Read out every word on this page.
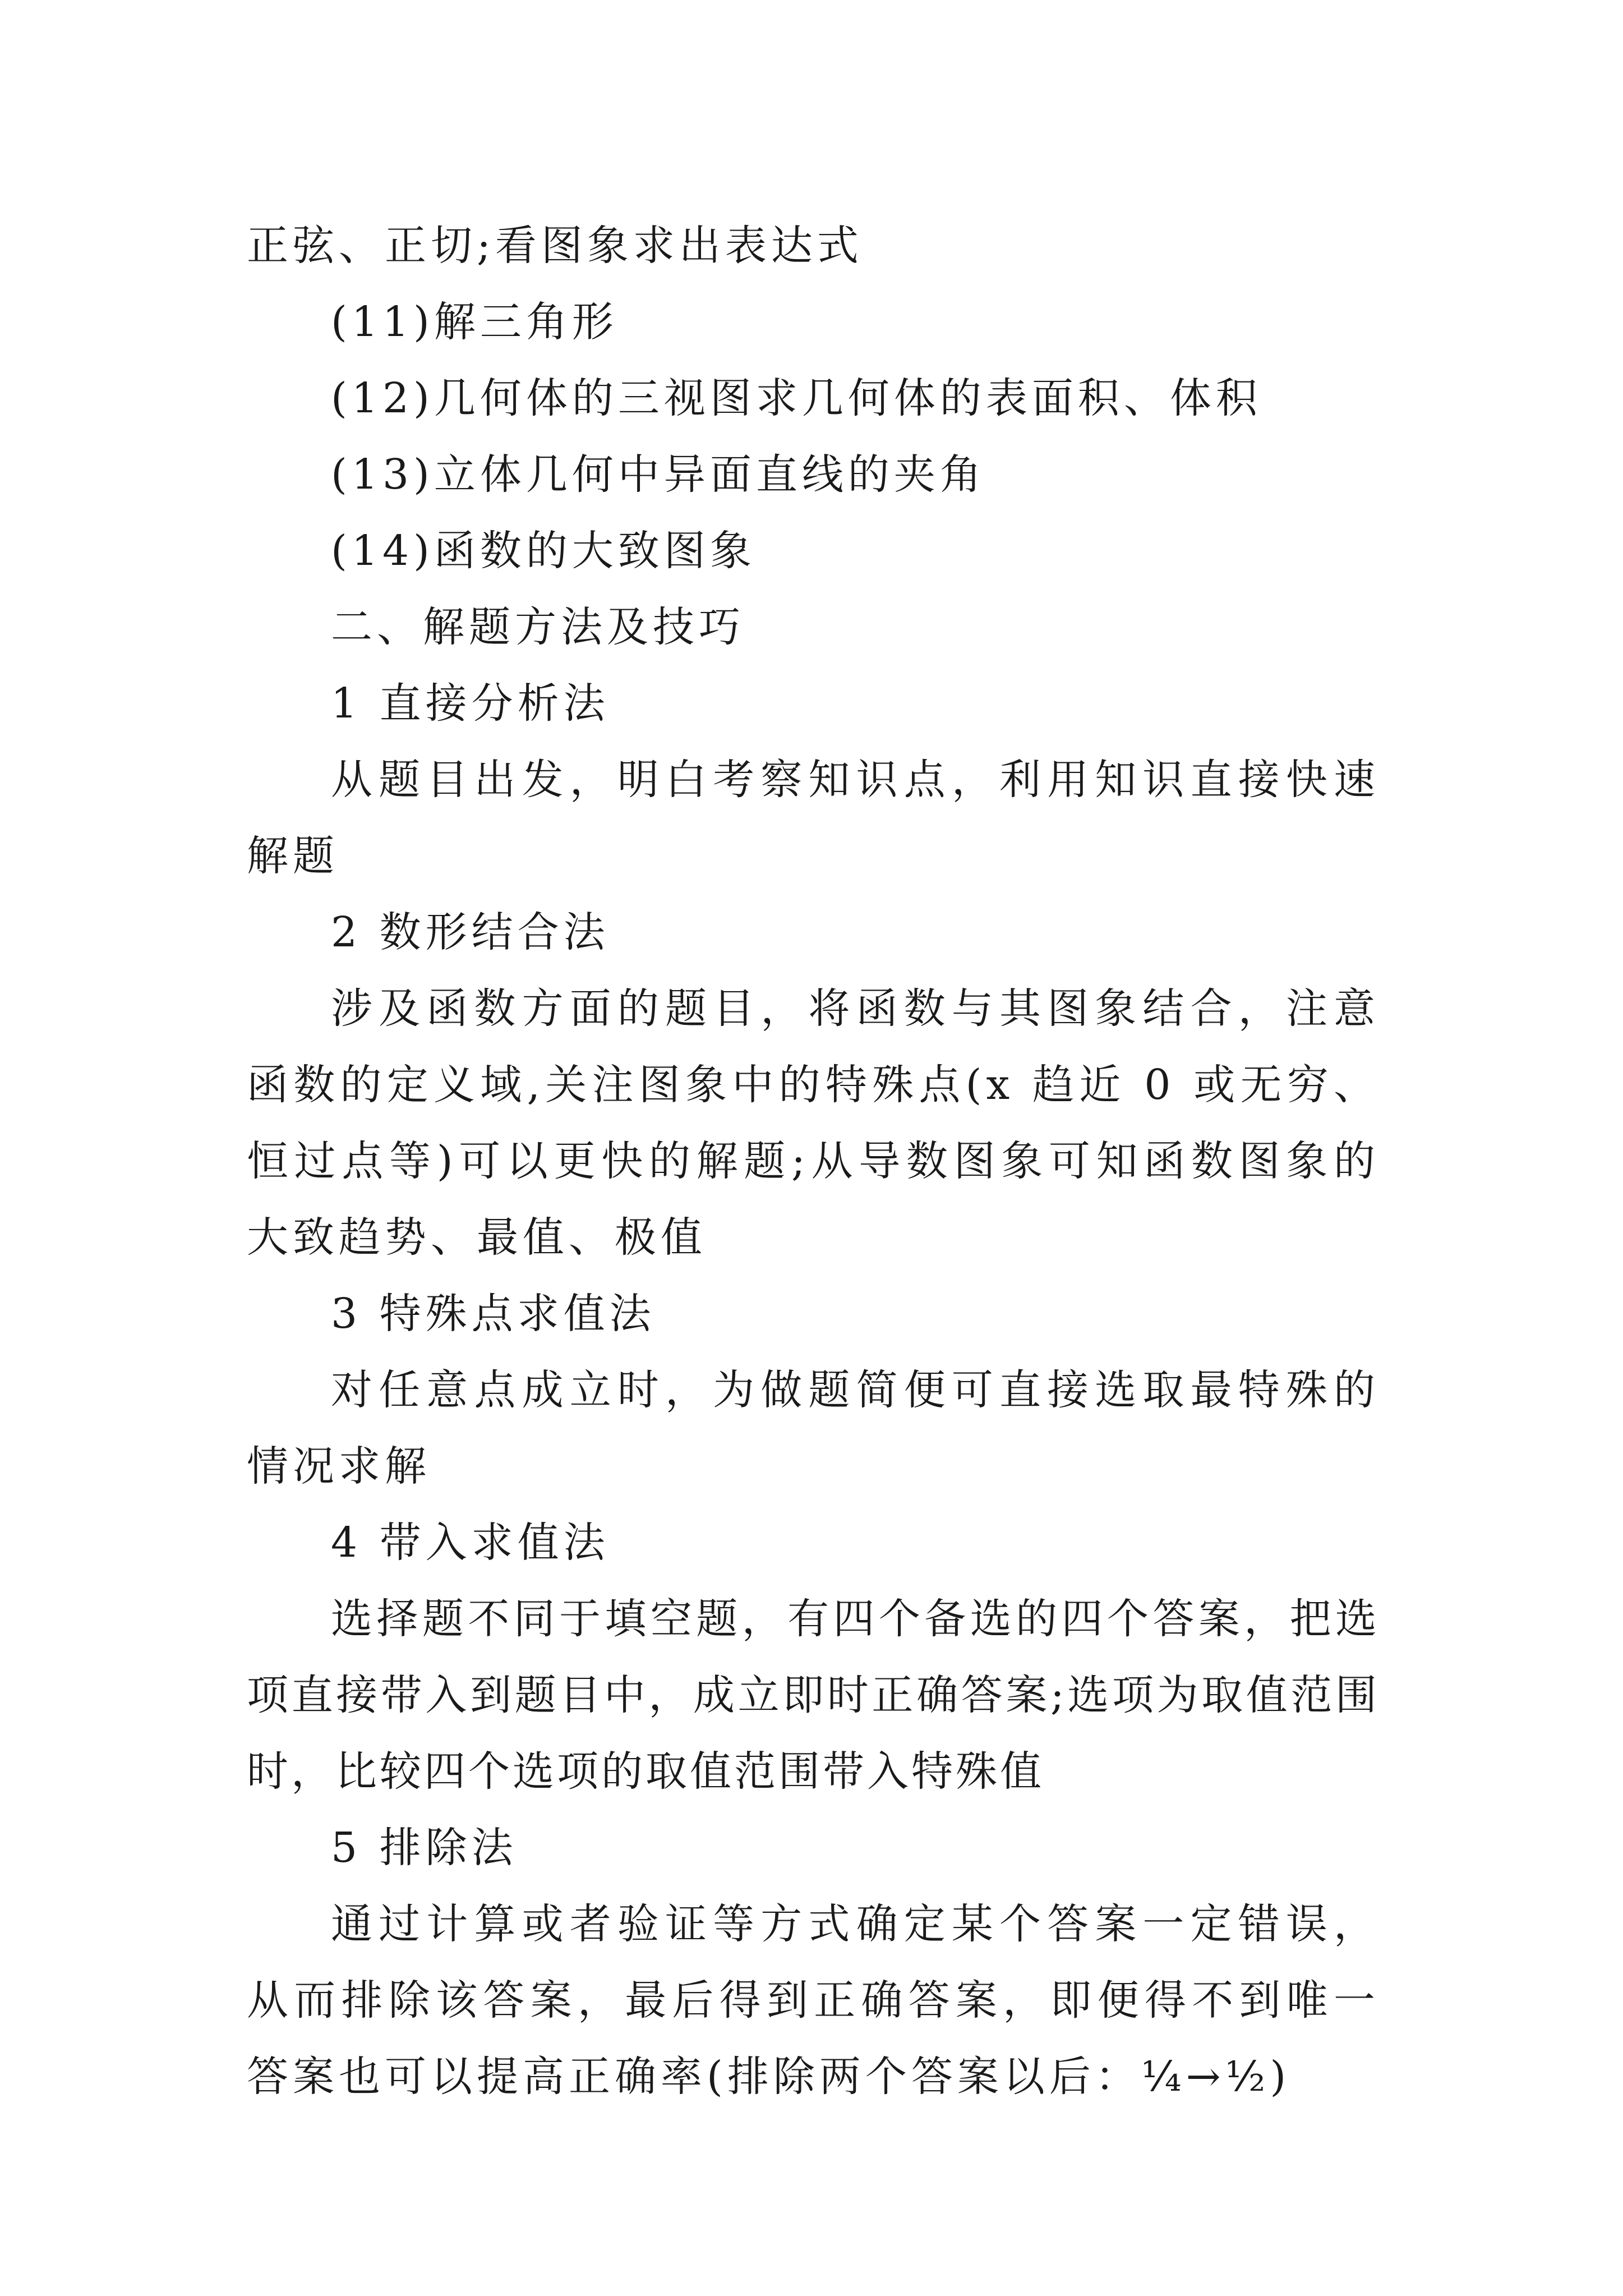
正弦、正切;看图象求出表达式

(11)解三角形

(12)几何体的三视图求几何体的表面积、体积

(13)立体几何中异面直线的夹角

(14)函数的大致图象

二、解题方法及技巧

1 直接分析法

从题目出发，明白考察知识点，利用知识直接快速解题

2 数形结合法

涉及函数方面的题目，将函数与其图象结合，注意函数的定义域,关注图象中的特殊点(x 趋近 0 或无穷、恒过点等)可以更快的解题;从导数图象可知函数图象的大致趋势、最值、极值

3 特殊点求值法

对任意点成立时，为做题简便可直接选取最特殊的情况求解

4 带入求值法

选择题不同于填空题，有四个备选的四个答案，把选项直接带入到题目中，成立即时正确答案;选项为取值范围时，比较四个选项的取值范围带入特殊值

5 排除法

通过计算或者验证等方式确定某个答案一定错误，从而排除该答案，最后得到正确答案，即便得不到唯一答案也可以提高正确率(排除两个答案以后：¼→½)
